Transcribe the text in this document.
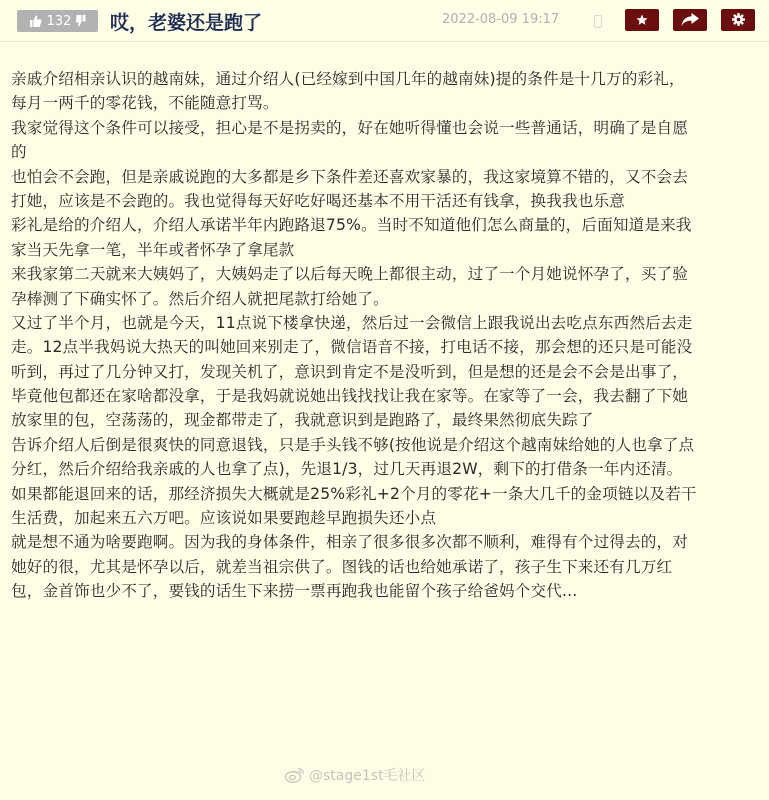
132 哎，老婆还是跑了	2022-08-09 19:17
亲戚介绍相亲认识的越南妹，通过介绍人(已经嫁到中国几年的越南妹)提的条件是十几万的彩礼，
每月一两千的零花钱，不能随意打骂。
我家觉得这个条件可以接受，担心是不是拐卖的，好在她听得懂也会说一些普通话，明确了是自愿
的
也怕会不会跑，但是亲戚说跑的大多都是乡下条件差还喜欢家暴的，我这家境算不错的，又不会去
打她，应该是不会跑的。我也觉得每天好吃好喝还基本不用干活还有钱拿，换我我也乐意
彩礼是给的介绍人，介绍人承诺半年内跑路退75%。当时不知道他们怎么商量的，后面知道是来我
家当天先拿一笔，半年或者怀孕了拿尾款
来我家第二天就来大姨妈了，大姨妈走了以后每天晚上都很主动，过了一个月她说怀孕了，买了验
孕棒测了下确实怀了。然后介绍人就把尾款打给她了。
又过了半个月，也就是今天，11点说下楼拿快递，然后过一会微信上跟我说出去吃点东西然后去走
走。12点半我妈说大热天的叫她回来别走了，微信语音不接，打电话不接，那会想的还只是可能没
听到，再过了几分钟又打，发现关机了，意识到肯定不是没听到，但是想的还是会不会是出事了，
毕竟他包都还在家啥都没拿，于是我妈就说她出钱找找让我在家等。在家等了一会，我去翻了下她
放家里的包，空荡荡的，现金都带走了，我就意识到是跑路了，最终果然彻底失踪了
告诉介绍人后倒是很爽快的同意退钱，只是手头钱不够(按他说是介绍这个越南妹给她的人也拿了点
分红，然后介绍给我亲戚的人也拿了点)，先退1/3，过几天再退2W，剩下的打借条一年内还清。
如果都能退回来的话，那经济损失大概就是25%彩礼+2个月的零花+一条大几千的金项链以及若干
生活费，加起来五六万吧。应该说如果要跑趁早跑损失还小点
就是想不通为啥要跑啊。因为我的身体条件，相亲了很多很多次都不顺利，难得有个过得去的，对
她好的很，尤其是怀孕以后，就差当祖宗供了。图钱的话也给她承诺了，孩子生下来还有几万红
包，金首饰也少不了，要钱的话生下来捞一票再跑我也能留个孩子给爸妈个交代...
@stage1st毛社区
